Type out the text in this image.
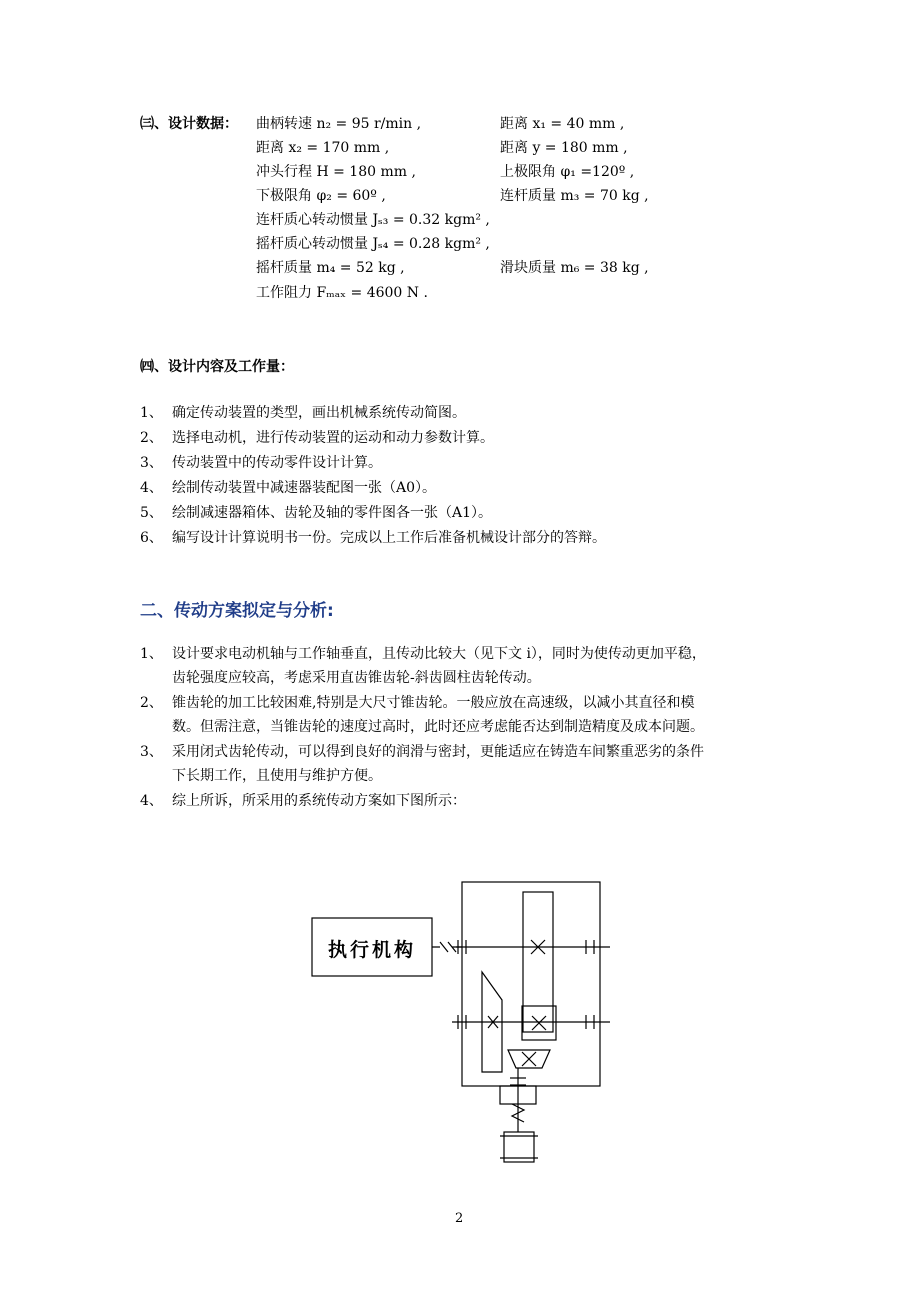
㈢、设计数据： 曲柄转速 n₂ = 95 r/min ,	距离 x₁ = 40 mm ,
距离 x₂ = 170 mm ,	距离 y = 180 mm ,
冲头行程 H = 180 mm ,	上极限角 φ₁ =120º ,
下极限角 φ₂ = 60º ,	连杆质量 m₃ = 70 kg ,
连杆质心转动惯量 Jₛ₃ = 0.32 kgm² ,
摇杆质心转动惯量 Jₛ₄ = 0.28 kgm² ,
摇杆质量 m₄ = 52 kg ,	滑块质量 m₆ = 38 kg ,
工作阻力 Fₘₐₓ = 4600 N .
㈣、设计内容及工作量：
1、 确定传动装置的类型，画出机械系统传动简图。
2、 选择电动机，进行传动装置的运动和动力参数计算。
3、 传动装置中的传动零件设计计算。
4、 绘制传动装置中减速器装配图一张（A0）。
5、 绘制减速器箱体、齿轮及轴的零件图各一张（A1）。
6、 编写设计计算说明书一份。完成以上工作后准备机械设计部分的答辩。
二、传动方案拟定与分析:
1、 设计要求电动机轴与工作轴垂直，且传动比较大（见下文 i），同时为使传动更加平稳，
齿轮强度应较高，考虑采用直齿锥齿轮-斜齿圆柱齿轮传动。
2、 锥齿轮的加工比较困难,特别是大尺寸锥齿轮。一般应放在高速级，以减小其直径和模
数。但需注意，当锥齿轮的速度过高时，此时还应考虑能否达到制造精度及成本问题。
3、 采用闭式齿轮传动，可以得到良好的润滑与密封，更能适应在铸造车间繁重恶劣的条件
下长期工作，且使用与维护方便。
4、 综上所诉，所采用的系统传动方案如下图所示：
执行机构
2
